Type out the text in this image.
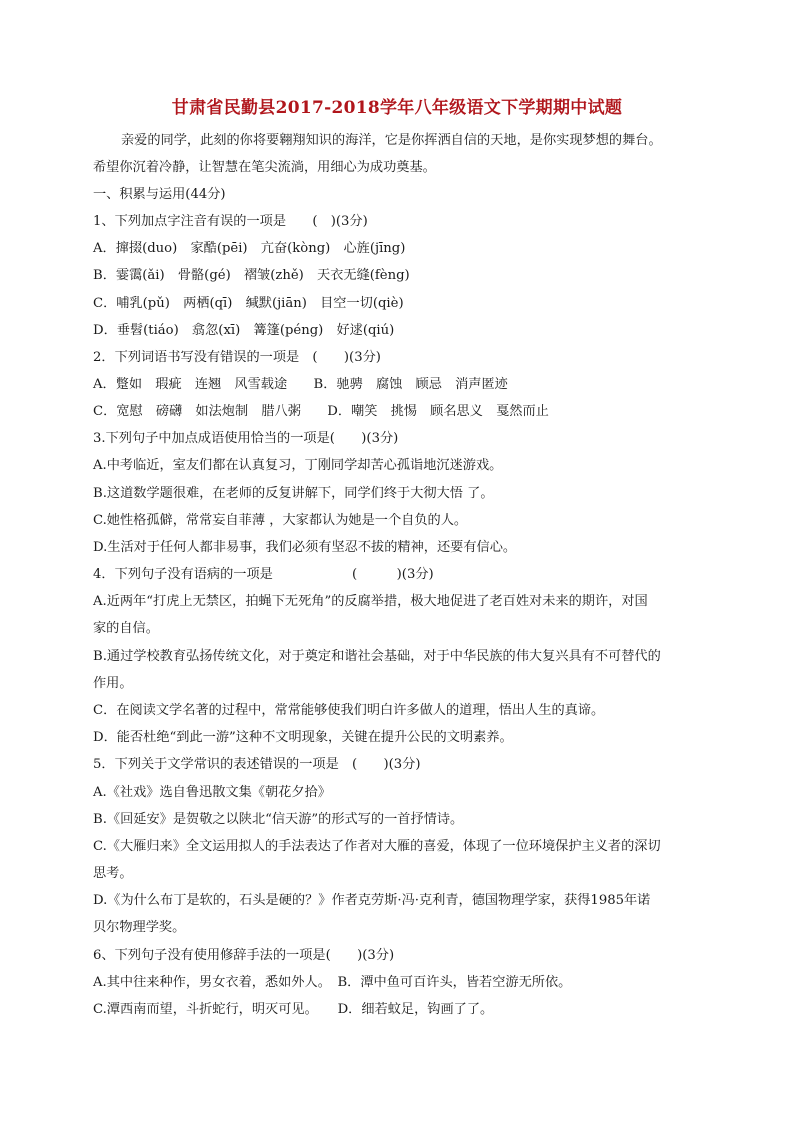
甘肃省民勤县2017-2018学年八年级语文下学期期中试题
亲爱的同学，此刻的你将要翱翔知识的海洋，它是你挥洒自信的天地，是你实现梦想的舞台。
希望你沉着冷静，让智慧在笔尖流淌，用细心为成功奠基。
一、积累与运用(44分)
1、下列加点字注音有误的一项是　　(　)(3分)
A．撺掇(duo)　家酷(pēi)　亢奋(kòng)　心旌(jīng)
B．霎霭(ǎi)　骨骼(gé)　褶皱(zhě)　天衣无缝(fèng)
C．哺乳(pǔ)　两栖(qī)　缄默(jiān)　目空一切(qiè)
D．垂髫(tiáo)　翕忽(xī)　篝篷(péng)　好逑(qiú)
2．下列词语书写没有错误的一项是　(　　)(3分)
A．蹩如　瑕疵　连翘　风雪载途　　B．驰骋　腐蚀　顾忌　消声匿迹
C．宽慰　磅礴　如法炮制　腊八粥　　D．嘲笑　挑惕　顾名思义　戛然而止
3.下列句子中加点成语使用恰当的一项是(　　)(3分)
A.中考临近，室友们都在认真复习，丁刚同学却苦心孤诣地沉迷游戏。
B.这道数学题很难，在老师的反复讲解下，同学们终于大彻大悟 了。
C.她性格孤僻，常常妄自菲薄 ，大家都认为她是一个自负的人。
D.生活对于任何人都非易事，我们必须有坚忍不拔的精神，还要有信心。
4．下列句子没有语病的一项是　　　　　　(　　　)(3分)
A.近两年“打虎上无禁区，拍蝇下无死角”的反腐举措，极大地促进了老百姓对未来的期许，对国
家的自信。
B.通过学校教育弘扬传统文化，对于奠定和谐社会基础，对于中华民族的伟大复兴具有不可替代的
作用。
C．在阅读文学名著的过程中，常常能够使我们明白许多做人的道理，悟出人生的真谛。
D．能否杜绝“到此一游”这种不文明现象，关键在提升公民的文明素养。
5．下列关于文学常识的表述错误的一项是　(　　)(3分)
A.《社戏》选自鲁迅散文集《朝花夕拾》
B.《回延安》是贺敬之以陕北“信天游”的形式写的一首抒情诗。
C.《大雁归来》全文运用拟人的手法表达了作者对大雁的喜爱，体现了一位环境保护主义者的深切
思考。
D.《为什么布丁是软的，石头是硬的？》作者克劳斯·冯·克利青，德国物理学家，获得1985年诺
贝尔物理学奖。
6、下列句子没有使用修辞手法的一项是(　　)(3分)
A.其中往来种作，男女衣着，悉如外人。　B．潭中鱼可百许头，皆若空游无所依。
C.潭西南而望，斗折蛇行，明灭可见。　　D．细若蚊足，钩画了了。
